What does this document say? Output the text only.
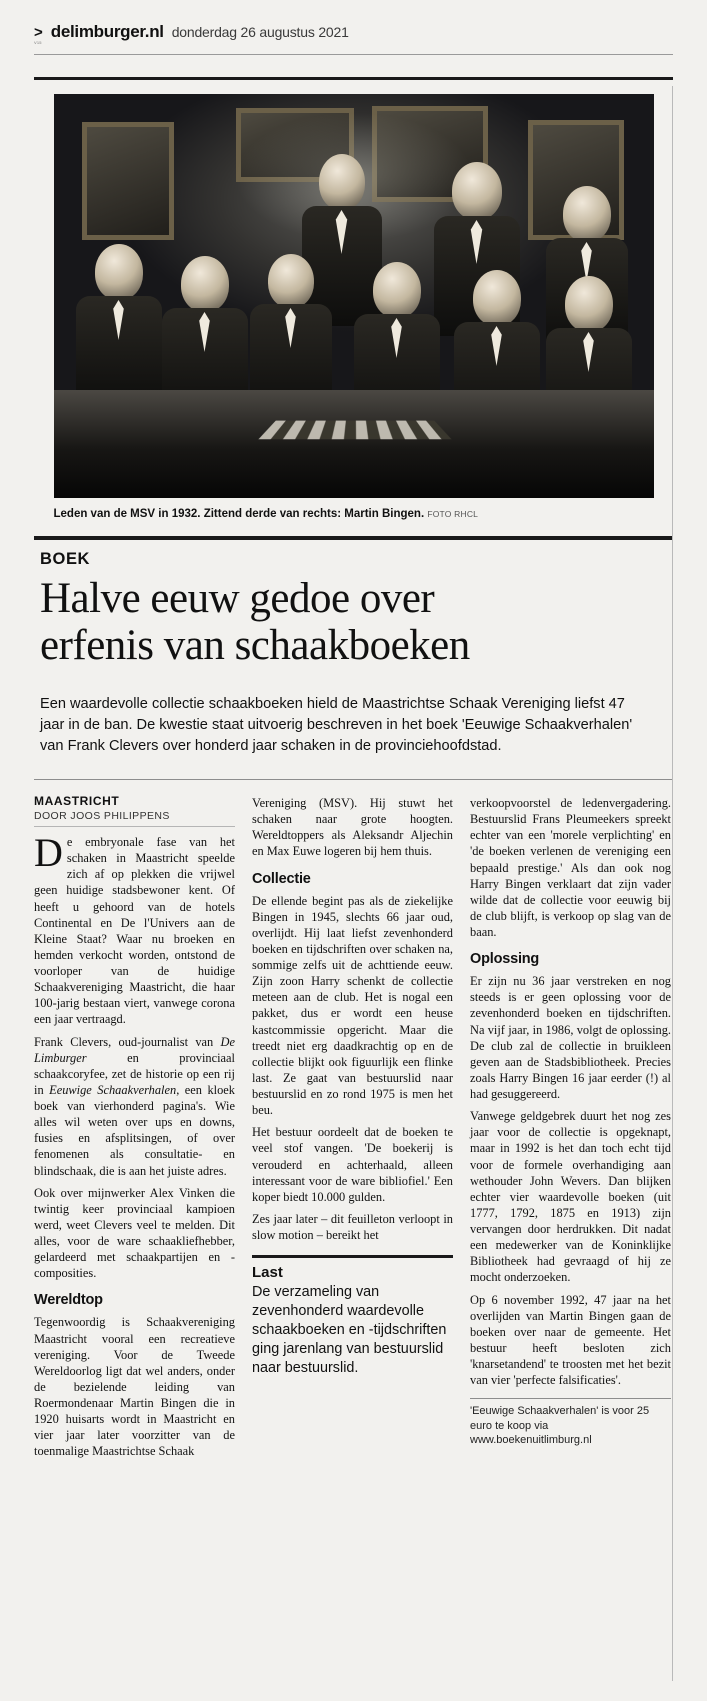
> delimburger.nl donderdag 26 augustus 2021
V15
Leden van de MSV in 1932. Zittend derde van rechts: Martin Bingen. FOTO RHCL
BOEK
Halve eeuw gedoe over
erfenis van schaakboeken
Een waardevolle collectie schaakboeken hield de Maastrichtse Schaak Vereniging liefst 47 jaar in de ban. De kwestie staat uitvoerig beschreven in het boek 'Eeuwige Schaakverhalen' van Frank Clevers over honderd jaar schaken in de provinciehoofdstad.
MAASTRICHT
DOOR JOOS PHILIPPENS

De embryonale fase van het schaken in Maastricht speelde zich af op plekken die vrijwel geen huidige stadsbewoner kent. Of heeft u gehoord van de hotels Continental en De l'Univers aan de Kleine Staat? Waar nu broeken en hemden verkocht worden, ontstond de voorloper van de huidige Schaakvereniging Maastricht, die haar 100-jarig bestaan viert, vanwege corona een jaar vertraagd.

Frank Clevers, oud-journalist van De Limburger en provinciaal schaakcoryfee, zet de historie op een rij in Eeuwige Schaakverhalen, een kloek boek van vierhonderd pagina's. Wie alles wil weten over ups en downs, fusies en afsplitsingen, of over fenomenen als consultatie- en blindschaak, die is aan het juiste adres.

Ook over mijnwerker Alex Vinken die twintig keer provinciaal kampioen werd, weet Clevers veel te melden. Dit alles, voor de ware schaakliefhebber, gelardeerd met schaakpartijen en -composities.

Wereldtop

Tegenwoordig is Schaakvereniging Maastricht vooral een recreatieve vereniging. Voor de Tweede Wereldoorlog ligt dat wel anders, onder de bezielende leiding van Roermondenaar Martin Bingen die in 1920 huisarts wordt in Maastricht en vier jaar later voorzitter van de toenmalige Maastrichtse Schaak

Vereniging (MSV). Hij stuwt het schaken naar grote hoogten. Wereldtoppers als Aleksandr Aljechin en Max Euwe logeren bij hem thuis.

Collectie

De ellende begint pas als de ziekelijke Bingen in 1945, slechts 66 jaar oud, overlijdt. Hij laat liefst zevenhonderd boeken en tijdschriften over schaken na, sommige zelfs uit de achttiende eeuw. Zijn zoon Harry schenkt de collectie meteen aan de club. Het is nogal een pakket, dus er wordt een heuse kastcommissie opgericht. Maar die treedt niet erg daadkrachtig op en de collectie blijkt ook figuurlijk een flinke last. Ze gaat van bestuurslid naar bestuurslid en zo rond 1975 is men het beu.

Het bestuur oordeelt dat de boeken te veel stof vangen. 'De boekerij is verouderd en achterhaald, alleen interessant voor de ware bibliofiel.' Een koper biedt 10.000 gulden.

Zes jaar later – dit feuilleton verloopt in slow motion – bereikt het

Last
De verzameling van zevenhonderd waardevolle schaakboeken en -tijdschriften ging jarenlang van bestuurslid naar bestuurslid.

verkoopvoorstel de ledenvergadering. Bestuurslid Frans Pleumeekers spreekt echter van een 'morele verplichting' en 'de boeken verlenen de vereniging een bepaald prestige.' Als dan ook nog Harry Bingen verklaart dat zijn vader wilde dat de collectie voor eeuwig bij de club blijft, is verkoop op slag van de baan.

Oplossing

Er zijn nu 36 jaar verstreken en nog steeds is er geen oplossing voor de zevenhonderd boeken en tijdschriften. Na vijf jaar, in 1986, volgt de oplossing. De club zal de collectie in bruikleen geven aan de Stadsbibliotheek. Precies zoals Harry Bingen 16 jaar eerder (!) al had gesuggereerd.

Vanwege geldgebrek duurt het nog zes jaar voor de collectie is opgeknapt, maar in 1992 is het dan toch echt tijd voor de formele overhandiging aan wethouder John Wevers. Dan blijken echter vier waardevolle boeken (uit 1777, 1792, 1875 en 1913) zijn vervangen door herdrukken. Dit nadat een medewerker van de Koninklijke Bibliotheek had gevraagd of hij ze mocht onderzoeken.

Op 6 november 1992, 47 jaar na het overlijden van Martin Bingen gaan de boeken over naar de gemeente. Het bestuur heeft besloten zich 'knarsetandend' te troosten met het bezit van vier 'perfecte falsificaties'.

'Eeuwige Schaakverhalen' is voor 25 euro te koop via www.boekenuitlimburg.nl
